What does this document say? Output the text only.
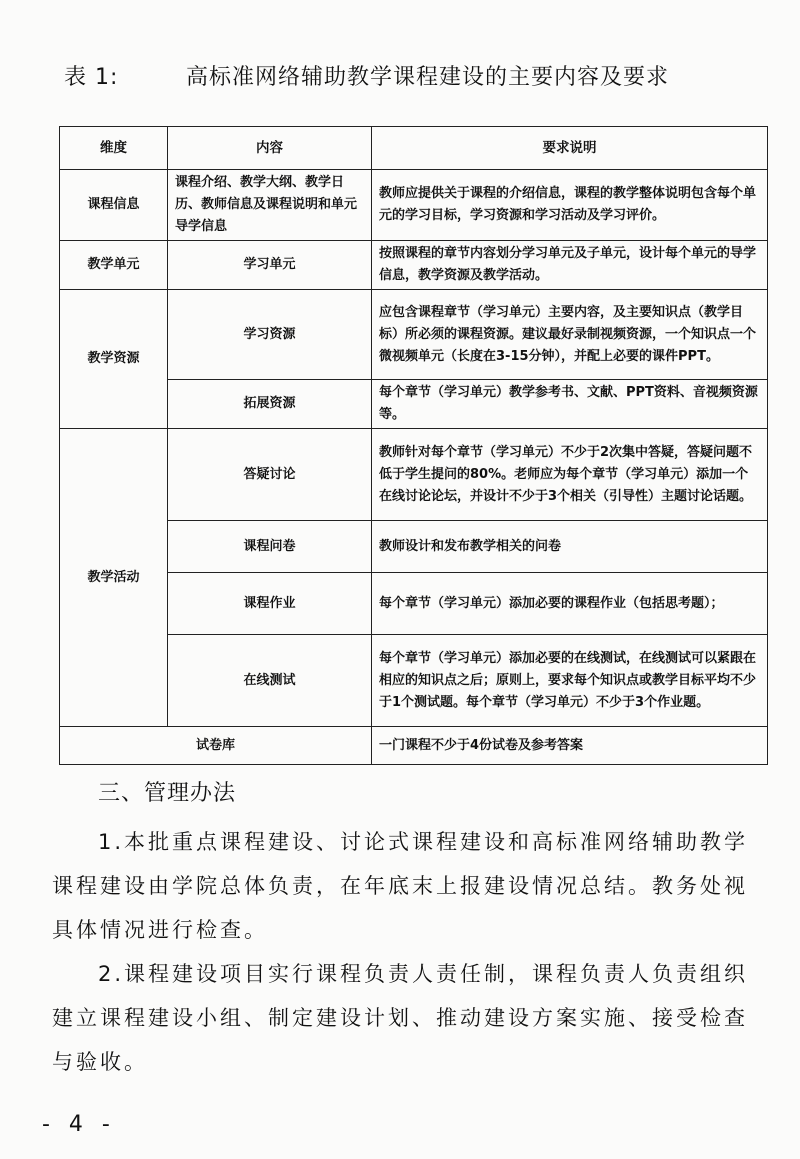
表 1:	高标准网络辅助教学课程建设的主要内容及要求
维度	内容	要求说明
课程信息	课程介绍、教学大纲、教学日历、教师信息及课程说明和单元导学信息	教师应提供关于课程的介绍信息，课程的教学整体说明包含每个单元的学习目标，学习资源和学习活动及学习评价。
教学单元	学习单元	按照课程的章节内容划分学习单元及子单元，设计每个单元的导学信息，教学资源及教学活动。
教学资源	学习资源	应包含课程章节（学习单元）主要内容，及主要知识点（教学目标）所必须的课程资源。建议最好录制视频资源，一个知识点一个微视频单元（长度在3-15分钟），并配上必要的课件PPT。
	拓展资源	每个章节（学习单元）教学参考书、文献、PPT资料、音视频资源等。
教学活动	答疑讨论	教师针对每个章节（学习单元）不少于2次集中答疑，答疑问题不低于学生提问的80%。老师应为每个章节（学习单元）添加一个在线讨论论坛，并设计不少于3个相关（引导性）主题讨论话题。
	课程问卷	教师设计和发布教学相关的问卷
	课程作业	每个章节（学习单元）添加必要的课程作业（包括思考题）；
	在线测试	每个章节（学习单元）添加必要的在线测试，在线测试可以紧跟在相应的知识点之后；原则上，要求每个知识点或教学目标平均不少于1个测试题。每个章节（学习单元）不少于3个作业题。
试卷库		一门课程不少于4份试卷及参考答案
三、管理办法
1.本批重点课程建设、讨论式课程建设和高标准网络辅助教学课程建设由学院总体负责，在年底末上报建设情况总结。教务处视具体情况进行检查。
2.课程建设项目实行课程负责人责任制，课程负责人负责组织建立课程建设小组、制定建设计划、推动建设方案实施、接受检查与验收。
- 4 -
